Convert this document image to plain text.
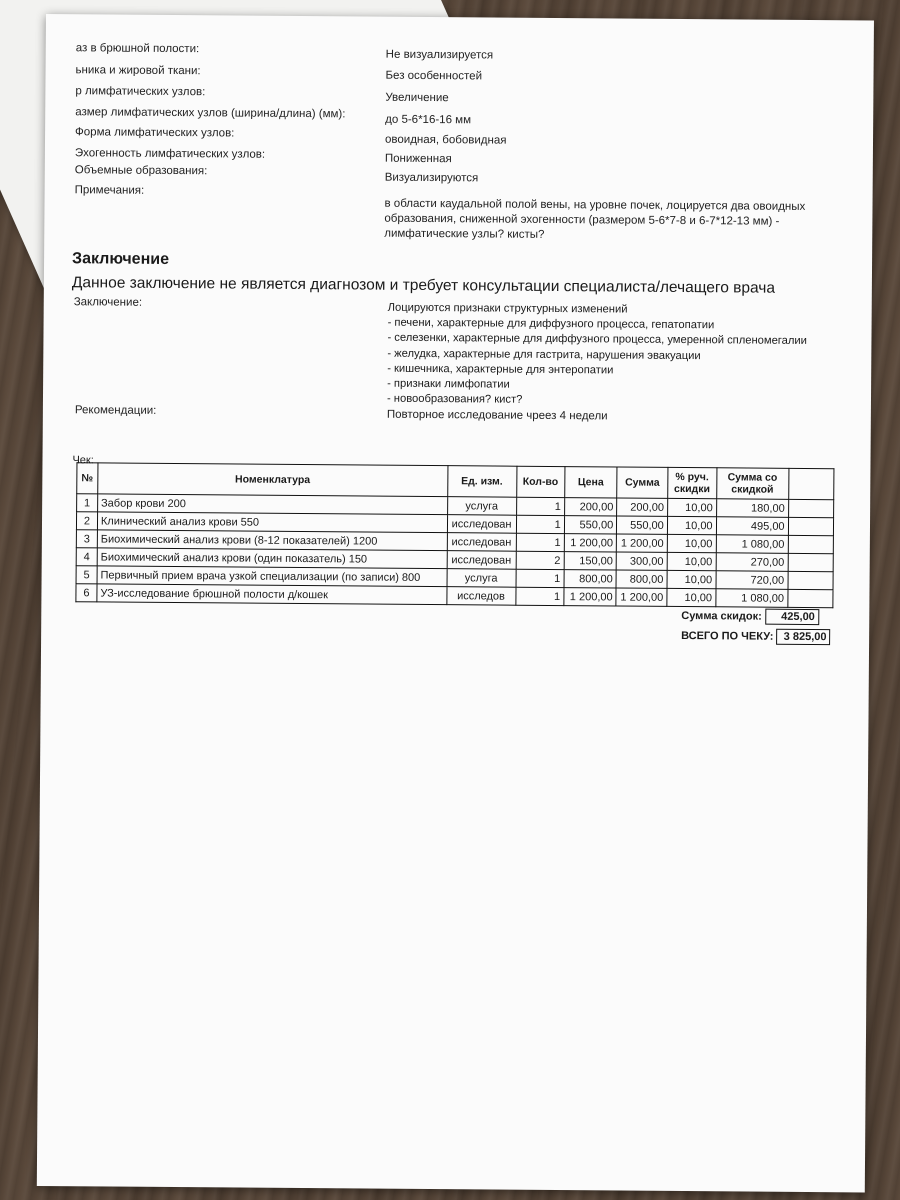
аз в брюшной полости:	Не визуализируется
ьника и жировой ткани:	Без особенностей
р лимфатических узлов:	Увеличение
азмер лимфатических узлов (ширина/длина) (мм):	до 5-6*16-16 мм
Форма лимфатических узлов:
овоидная, бобовидная
Эхогенность лимфатических узлов:	Пониженная
Объемные образования:
Визуализируются
Примечания:
в области каудальной полой вены, на уровне почек, лоцируется два овоидных образования, сниженной эхогенности (размером 5-6*7-8 и 6-7*12-13 мм) - лимфатические узлы? кисты?
Заключение
Данное заключение не является диагнозом и требует консультации специалиста/лечащего врача
Заключение:	Лоцируются признаки структурных изменений
- печени, характерные для диффузного процесса, гепатопатии
- селезенки, характерные для диффузного процесса, умеренной спленомегалии
- желудка, характерные для гастрита, нарушения эвакуации
- кишечника, характерные для энтеропатии
- признаки лимфопатии
- новообразования? кист?
Рекомендации:	Повторное исследование чреез 4 недели
Чек:
№	Номенклатура	Ед. изм.	Кол-во	Цена	Сумма	% руч. скидки	Сумма со скидкой	
1	Забор крови 200	услуга	1	200,00	200,00	10,00	180,00	
2	Клинический анализ крови 550	исследован	1	550,00	550,00	10,00	495,00	
3	Биохимический анализ крови (8-12 показателей) 1200	исследован	1	1 200,00	1 200,00	10,00	1 080,00	
4	Биохимический анализ крови (один показатель) 150	исследован	2	150,00	300,00	10,00	270,00	
5	Первичный прием врача узкой специализации (по записи) 800	услуга	1	800,00	800,00	10,00	720,00	
6	УЗ-исследование брюшной полости д/кошек	исследов	1	1 200,00	1 200,00	10,00	1 080,00	
Сумма скидок: 425,00
ВСЕГО ПО ЧЕКУ: 3 825,00
